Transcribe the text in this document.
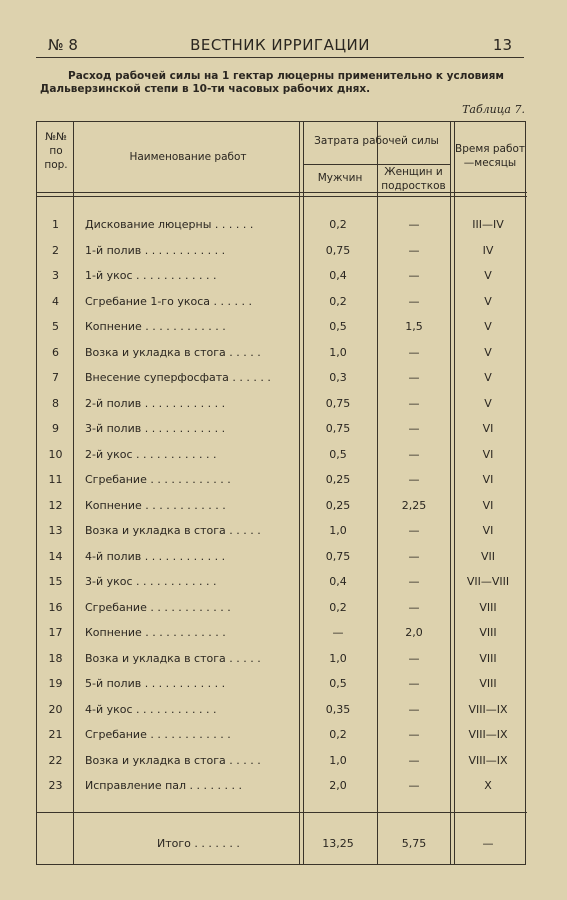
№ 8	ВЕСТНИК ИРРИГАЦИИ	13
Расход рабочей силы на 1 гектар люцерны применительно к условиям Дальверзинской степи в 10-ти часовых рабочих днях.
Таблица 7.
№№ по пор.
Наименование работ
Затрата рабочей силы
Мужчин	Женщин и подростков
Время работ—месяцы
1	Дискование люцерны . . . . . .	0,2	—	III—IV
2	1-й полив . . . . . . . . . . . .	0,75	—	IV
3	1-й укос . . . . . . . . . . . .	0,4	—	V
4	Сгребание 1-го укоса . . . . . .	0,2	—	V
5	Копнение . . . . . . . . . . . .	0,5	1,5	V
6	Возка и укладка в стога . . . . .	1,0	—	V
7	Внесение суперфосфата . . . . . .	0,3	—	V
8	2-й полив . . . . . . . . . . . .	0,75	—	V
9	3-й полив . . . . . . . . . . . .	0,75	—	VI
10	2-й укос . . . . . . . . . . . .	0,5	—	VI
11	Сгребание . . . . . . . . . . . .	0,25	—	VI
12	Копнение . . . . . . . . . . . .	0,25	2,25	VI
13	Возка и укладка в стога . . . . .	1,0	—	VI
14	4-й полив . . . . . . . . . . . .	0,75	—	VII
15	3-й укос . . . . . . . . . . . .	0,4	—	VII—VIII
16	Сгребание . . . . . . . . . . . .	0,2	—	VIII
17	Копнение . . . . . . . . . . . .	—	2,0	VIII
18	Возка и укладка в стога . . . . .	1,0	—	VIII
19	5-й полив . . . . . . . . . . . .	0,5	—	VIII
20	4-й укос . . . . . . . . . . . .	0,35	—	VIII—IX
21	Сгребание . . . . . . . . . . . .	0,2	—	VIII—IX
22	Возка и укладка в стога . . . . .	1,0	—	VIII—IX
23	Исправление пал . . . . . . . .	2,0	—	X
Итого . . . . . . .	13,25	5,75	—
